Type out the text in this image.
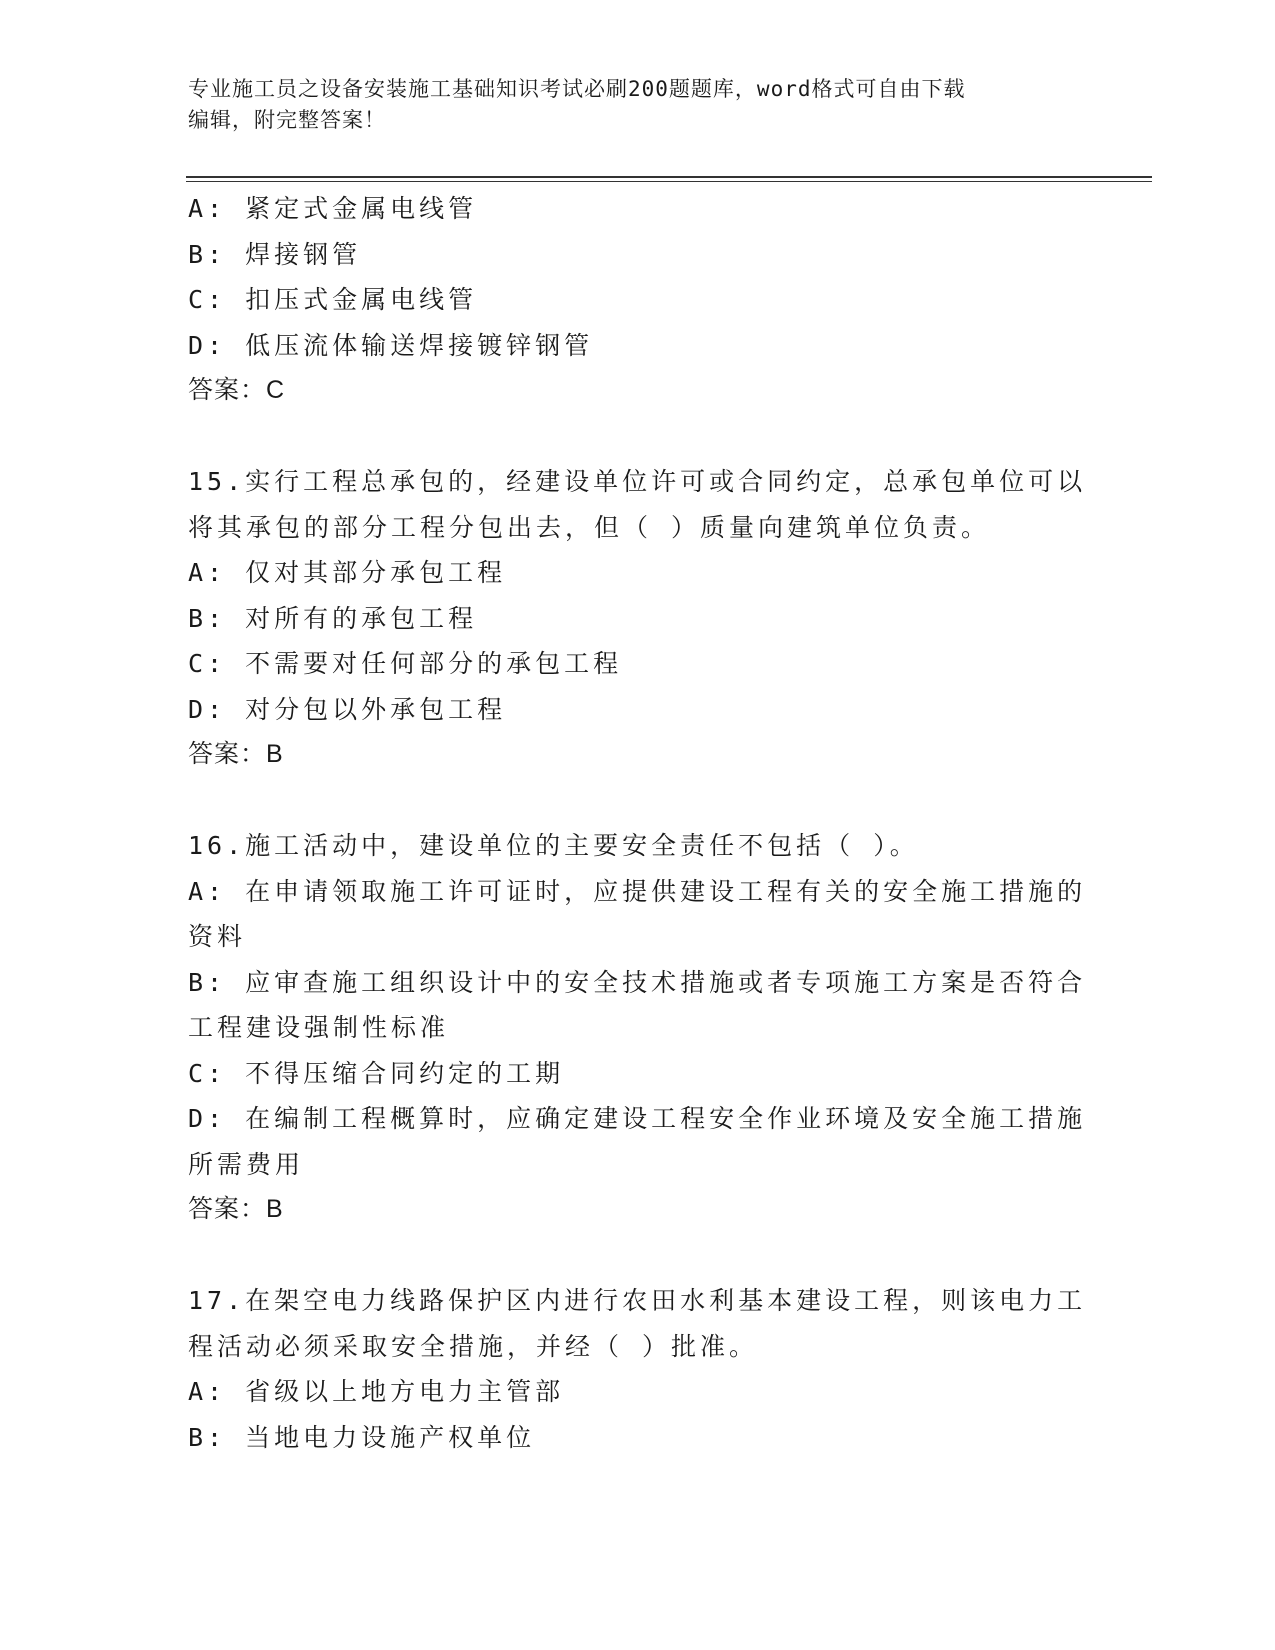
专业施工员之设备安装施工基础知识考试必刷200题题库，word格式可自由下载
编辑，附完整答案！
A: 紧定式金属电线管
B: 焊接钢管
C: 扣压式金属电线管
D: 低压流体输送焊接镀锌钢管
答案：C
15.实行工程总承包的，经建设单位许可或合同约定，总承包单位可以
将其承包的部分工程分包出去，但（ ）质量向建筑单位负责。
A: 仅对其部分承包工程
B: 对所有的承包工程
C: 不需要对任何部分的承包工程
D: 对分包以外承包工程
答案：B
16.施工活动中，建设单位的主要安全责任不包括（ ）。
A: 在申请领取施工许可证时，应提供建设工程有关的安全施工措施的
资料
B: 应审查施工组织设计中的安全技术措施或者专项施工方案是否符合
工程建设强制性标准
C: 不得压缩合同约定的工期
D: 在编制工程概算时，应确定建设工程安全作业环境及安全施工措施
所需费用
答案：B
17.在架空电力线路保护区内进行农田水利基本建设工程，则该电力工
程活动必须采取安全措施，并经（ ）批准。
A: 省级以上地方电力主管部
B: 当地电力设施产权单位
